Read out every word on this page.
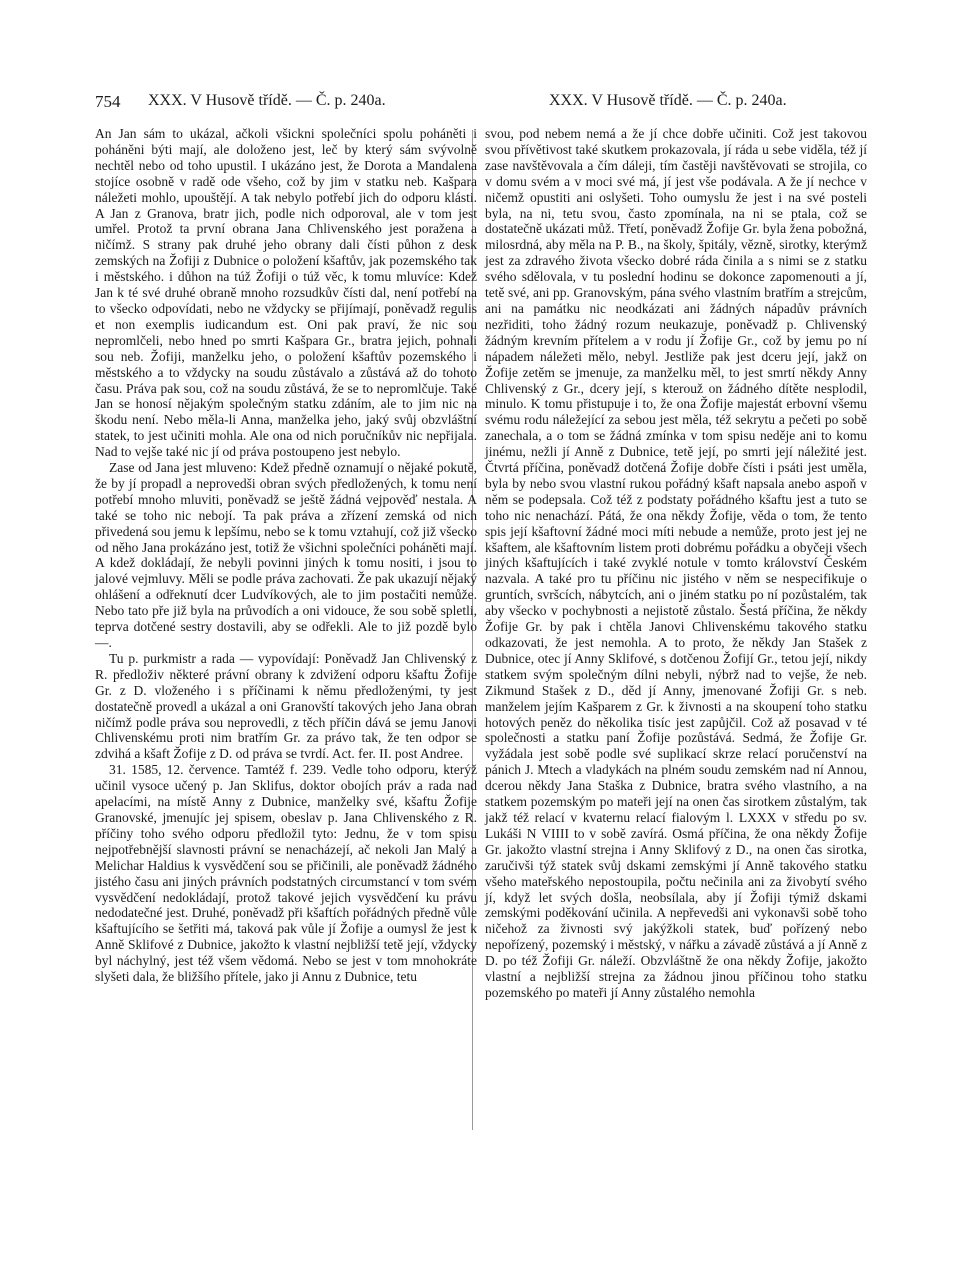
754 XXX. V Husově třídě. — Č. p. 240a.	XXX. V Husově třídě. — Č. p. 240a.

An Jan sám to ukázal, ačkoli všickni společníci spolu poháněti i poháněni býti mají, ale doloženo jest, leč by který sám svývolně nechtěl nebo od toho upustil. I ukázáno jest, že Dorota a Mandalena stojíce osobně v radě ode všeho, což by jim v statku neb. Kašpara náležeti mohlo, upouštějí. A tak nebylo potřebí jich do odporu klásti. A Jan z Granova, bratr jich, podle nich odporoval, ale v tom jest umřel. Protož ta první obrana Jana Chlivenského jest poražena a ničímž. S strany pak druhé jeho obrany dali čísti půhon z desk zemských na Žofiji z Dubnice o položení kšaftův, jak pozemského tak i městského. i důhon na túž Žofiji o túž věc, k tomu mluvíce: Kdež Jan k té své druhé obraně mnoho rozsudkův čísti dal, není potřebí na to všecko odpovídati, nebo ne vždycky se přijímají, poněvadž regulis et non exemplis iudicandum est. Oni pak praví, že nic sou nepromlčeli, nebo hned po smrti Kašpara Gr., bratra jejich, pohnali sou neb. Žofiji, manželku jeho, o položení kšaftův pozemského i městského a to vždycky na soudu zůstávalo a zůstává až do tohoto času. Práva pak sou, což na soudu zůstává, že se to nepromlčuje. Také Jan se honosí nějakým společným statku zdáním, ale to jim nic na škodu není. Nebo měla-li Anna, manželka jeho, jaký svůj obzvláštní statek, to jest učiniti mohla. Ale ona od nich poručníkův nic nepřijala. Nad to vejše také nic jí od práva postoupeno jest nebylo.

Zase od Jana jest mluveno: Kdež předně oznamují o nějaké pokutě, že by jí propadl a neprovedši obran svých předložených, k tomu není potřebí mnoho mluviti, poněvadž se ještě žádná vejpověď nestala. A také se toho nic nebojí. Ta pak práva a zřízení zemská od nich přivedená sou jemu k lepšímu, nebo se k tomu vztahují, což již všecko od něho Jana prokázáno jest, totiž že všichni společníci poháněti mají. A kdež dokládají, že nebyli povinni jiných k tomu nositi, i jsou to jalové vejmluvy. Měli se podle práva zachovati. Že pak ukazují nějaký ohlášení a odřeknutí dcer Ludvíkových, ale to jim postačiti nemůže. Nebo tato pře již byla na průvodích a oni vidouce, že sou sobě spletli, teprva dotčené sestry dostavili, aby se odřekli. Ale to již pozdě bylo —.

Tu p. purkmistr a rada — vypovídají: Poněvadž Jan Chlivenský z R. předloživ některé právní obrany k zdvižení odporu kšaftu Žofije Gr. z D. vloženého i s příčinami k němu předloženými, ty jest dostatečně provedl a ukázal a oni Granovští takových jeho Jana obran ničímž podle práva sou neprovedli, z těch příčin dává se jemu Janovi Chlivenskému proti nim bratřím Gr. za právo tak, že ten odpor se zdvihá a kšaft Žofije z D. od práva se tvrdí. Act. fer. II. post Andree.

31. 1585, 12. července. Tamtéž f. 239. Vedle toho odporu, kterýž učinil vysoce učený p. Jan Sklifus, doktor obojích práv a rada nad apelacími, na místě Anny z Dubnice, manželky své, kšaftu Žofije Granovské, jmenujíc jej spisem, obeslav p. Jana Chlivenského z R. příčiny toho svého odporu předložil tyto: Jednu, že v tom spisu nejpotřebnější slavnosti právní se nenacházejí, ač nekoli Jan Malý a Melichar Haldius k vysvědčení sou se přičinili, ale poněvadž žádného jistého času ani jiných právních podstatných circumstancí v tom svém vysvědčení nedokládají, protož takové jejich vysvědčení ku právu nedodatečné jest. Druhé, poněvadž při kšaftích pořádných předně vůle kšaftujícího se šetřiti má, taková pak vůle jí Žofije a oumysl že jest k Anně Sklifové z Dubnice, jakožto k vlastní nejbližší tetě její, vždycky byl náchylný, jest též všem vědomá. Nebo se jest v tom mnohokráte slyšeti dala, že bližšího přítele, jako ji Annu z Dubnice, tetu

svou, pod nebem nemá a že jí chce dobře učiniti. Což jest takovou svou přívětivost také skutkem prokazovala, jí ráda u sebe viděla, též jí zase navštěvovala a čím dáleji, tím častěji navštěvovati se strojila, co v domu svém a v moci své má, jí jest vše podávala. A že jí nechce v ničemž opustiti ani oslyšeti. Toho oumyslu že jest i na své posteli byla, na ni, tetu svou, často zpomínala, na ni se ptala, což se dostatečně ukázati můž. Třetí, poněvadž Žofije Gr. byla žena pobožná, milosrdná, aby měla na P. B., na školy, špitály, vězně, sirotky, kterýmž jest za zdravého života všecko dobré ráda činila a s nimi se z statku svého sdělovala, v tu poslední hodinu se dokonce zapomenouti a jí, tetě své, ani pp. Granovským, pána svého vlastním bratřím a strejcům, ani na památku nic neodkázati ani žádných nápadův právních nezřiditi, toho žádný rozum neukazuje, poněvadž p. Chlivenský žádným krevním přítelem a v rodu jí Žofije Gr., což by jemu po ní nápadem náležeti mělo, nebyl. Jestliže pak jest dceru její, jakž on Žofije zetěm se jmenuje, za manželku měl, to jest smrtí někdy Anny Chlivenský z Gr., dcery její, s kterouž on žádného dítěte nesplodil, minulo. K tomu přistupuje i to, že ona Žofije majestát erbovní všemu svému rodu náležející za sebou jest měla, též sekrytu a pečeti po sobě zanechala, a o tom se žádná zmínka v tom spisu nedějе ani to komu jinému, nežli jí Anně z Dubnice, tetě její, po smrti její náležité jest. Čtvrtá příčina, poněvadž dotčená Žofije dobře čísti i psáti jest uměla, byla by nebo svou vlastní rukou pořádný kšaft napsala anebo aspoň v něm se podepsala. Což též z podstaty pořádného kšaftu jest a tuto se toho nic nenachází. Pátá, že ona někdy Žofije, věda o tom, že tento spis její kšaftovní žádné moci míti nebude a nemůže, proto jest jej ne kšaftem, ale kšaftovním listem proti dobrému pořádku a obyčeji všech jiných kšaftujících i také zvyklé notule v tomto království Českém nazvala. A také pro tu příčinu nic jistého v něm se nespecifikuje o gruntích, svršcích, nábytcích, ani o jiném statku po ní pozůstalém, tak aby všecko v pochybnosti a nejistotě zůstalo. Šestá příčina, že někdy Žofije Gr. by pak i chtěla Janovi Chlivenskému takového statku odkazovati, že jest nemohla. A to proto, že někdy Jan Stašek z Dubnice, otec jí Anny Sklifové, s dotčenou Žofijí Gr., tetou její, nikdy statkem svým společným dílni nebyli, nýbrž nad to vejše, že neb. Zikmund Stašek z D., děd jí Anny, jmenované Žofiji Gr. s neb. manželem jejím Kašparem z Gr. k živnosti a na skoupení toho statku hotových peněz do několika tisíc jest zapůjčil. Což až posavad v té společnosti a statku paní Žofije pozůstává. Sedmá, že Žofije Gr. vyžádala jest sobě podle své suplikací skrze relací poručenství na pánich J. Mtech a vladykách na plném soudu zemském nad ní Annou, dcerou někdy Jana Staška z Dubnice, bratra svého vlastního, a na statkem pozemským po mateři její na onen čas sirotkem zůstalým, tak jakž též relací v kvaternu relací fialovým l. LXXX v středu po sv. Lukáši N VIIII to v sobě zavírá. Osmá příčina, že ona někdy Žofije Gr. jakožto vlastní strejna i Anny Sklifový z D., na onen čas sirotka, zaručivši týž statek svůj dskami zemskými jí Anně takového statku všeho mateřského nepostoupila, počtu nečinila ani za živobytí svého jí, když let svých došla, neobsílala, aby jí Žofiji týmiž dskami zemskými poděkování učinila. A nepřevedši ani vykonavši sobě toho ničehož za živnosti svý jakýžkoli statek, buď pořízený nebo nepořízený, pozemský i městský, v nářku a závadě zůstává a jí Anně z D. po též Žofiji Gr. náleží. Obzvláštně že ona někdy Žofije, jakožto vlastní a nejbližší strejna za žádnou jinou příčinou toho statku pozemského po mateři jí Anny zůstalého nemohla
